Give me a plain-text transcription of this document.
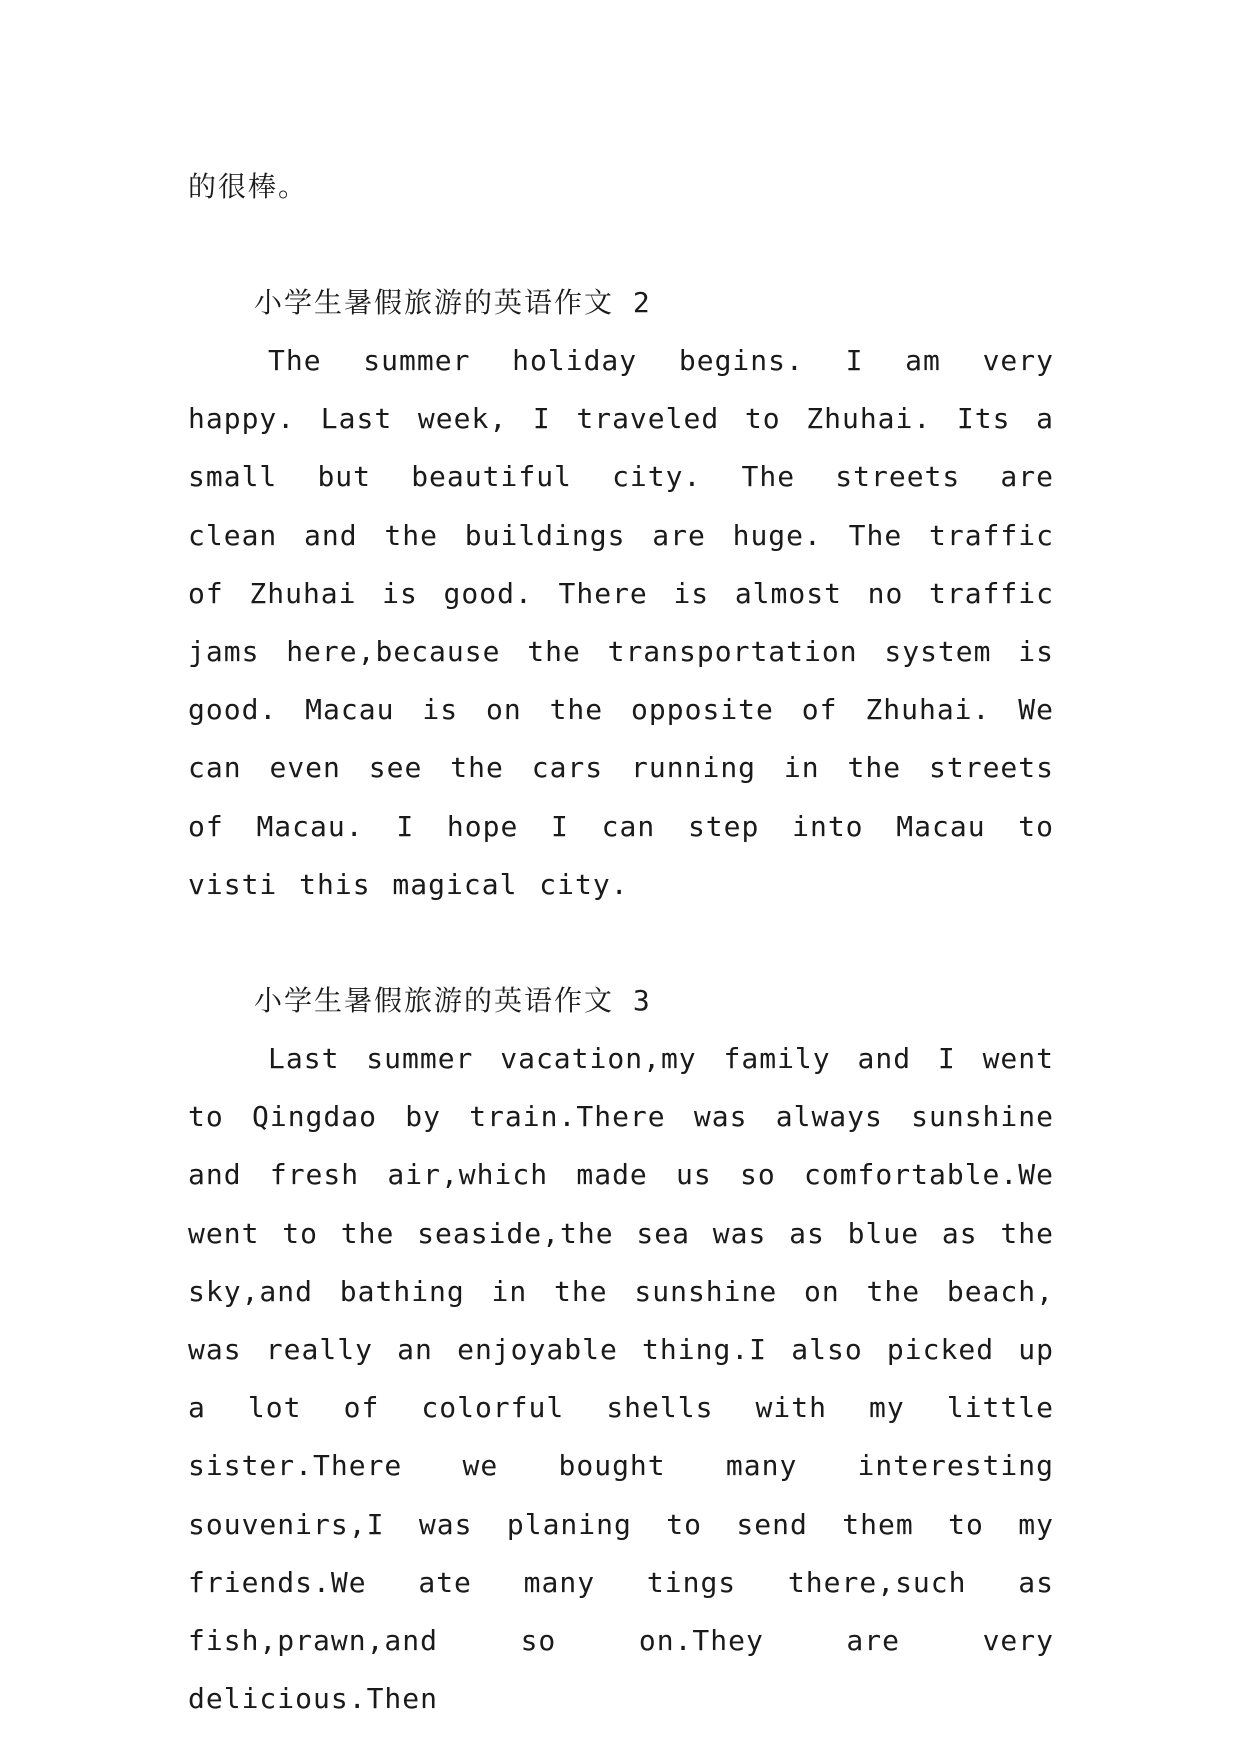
的很棒。

小学生暑假旅游的英语作文 2

The summer holiday begins. I am very happy. Last week, I traveled to Zhuhai. Its a small but beautiful city. The streets are clean and the buildings are huge. The traffic of Zhuhai is good. There is almost no traffic jams here,because the transportation system is good. Macau is on the opposite of Zhuhai. We can even see the cars running in the streets of Macau. I hope I can step into Macau to visti this magical city.

小学生暑假旅游的英语作文 3

Last summer vacation,my family and I went to Qingdao by train.There was always sunshine and fresh air,which made us so comfortable.We went to the seaside,the sea was as blue as the sky,and bathing in the sunshine on the beach, was really an enjoyable thing.I also picked up a lot of colorful shells with my little sister.There we bought many interesting souvenirs,I was planing to send them to my friends.We ate many tings there,such as fish,prawn,and so on.They are very delicious.Then
